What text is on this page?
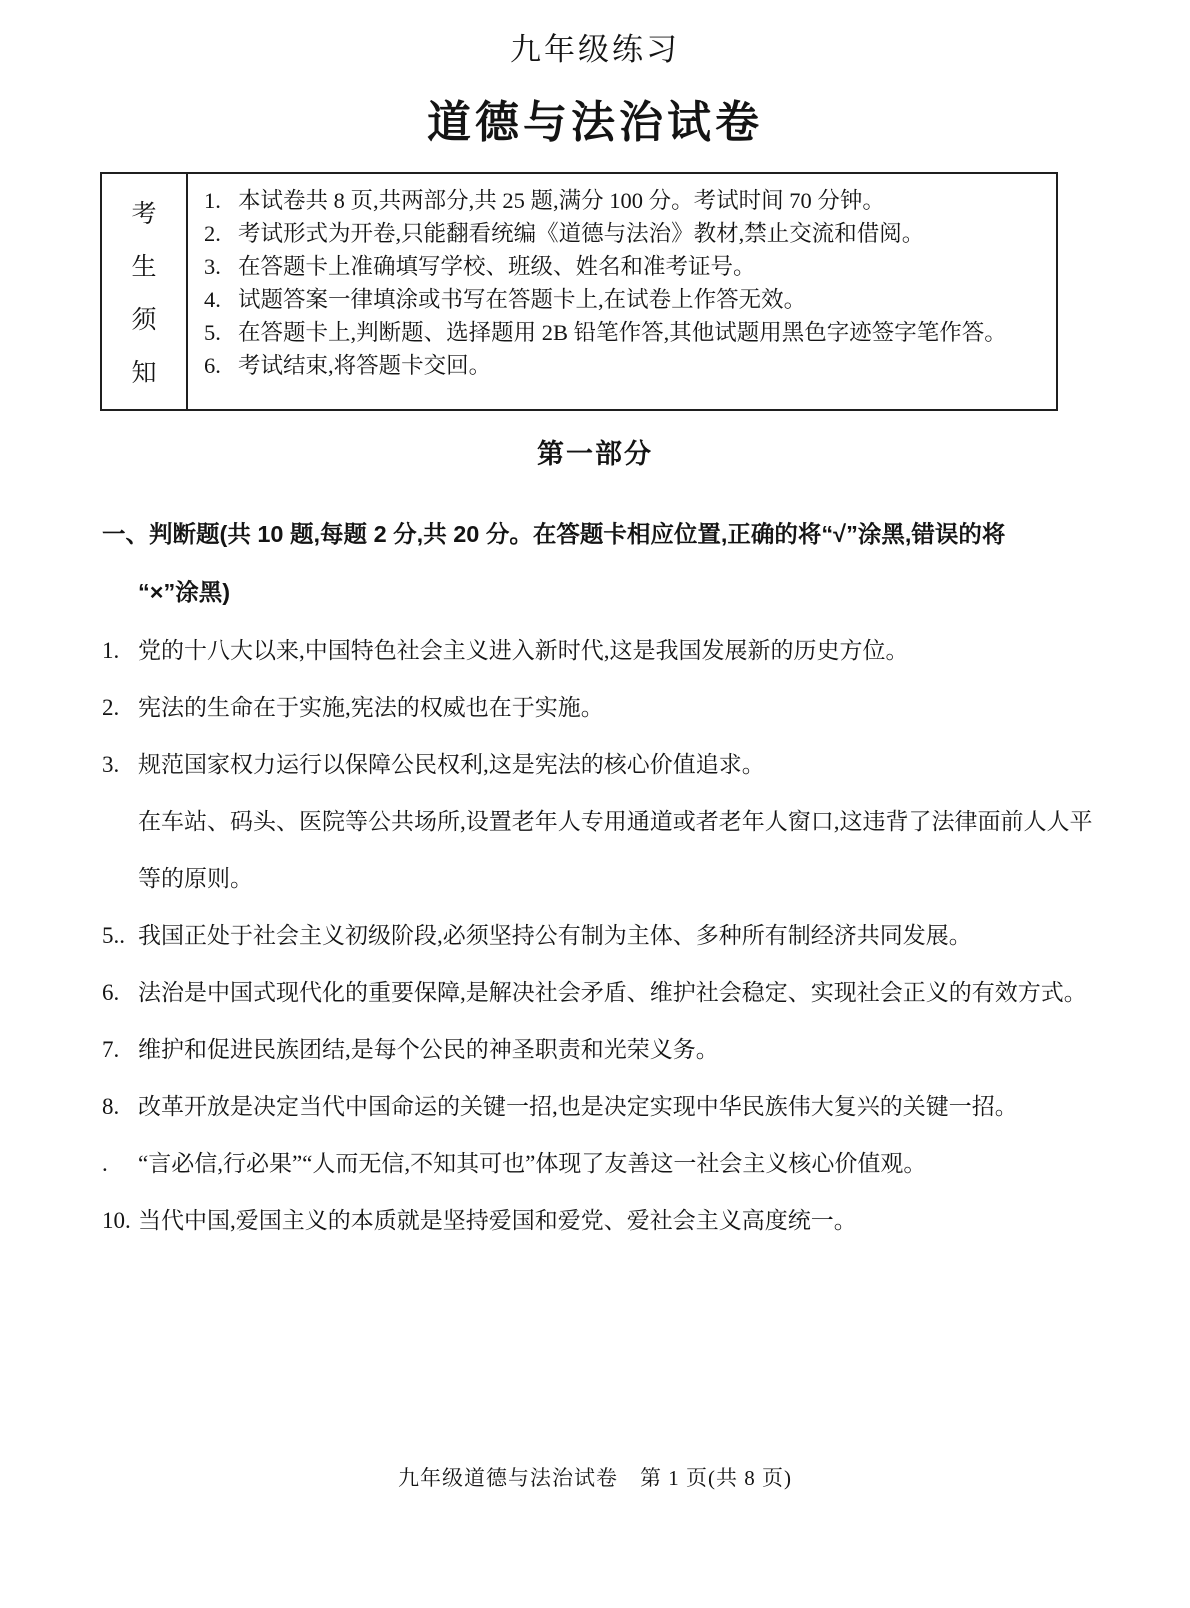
九年级练习
道德与法治试卷
考
生
须
知
1. 本试卷共 8 页,共两部分,共 25 题,满分 100 分。考试时间 70 分钟。
2. 考试形式为开卷,只能翻看统编《道德与法治》教材,禁止交流和借阅。
3. 在答题卡上准确填写学校、班级、姓名和准考证号。
4. 试题答案一律填涂或书写在答题卡上,在试卷上作答无效。
5. 在答题卡上,判断题、选择题用 2B 铅笔作答,其他试题用黑色字迹签字笔作答。
6. 考试结束,将答题卡交回。
第一部分
一、判断题(共 10 题,每题 2 分,共 20 分。在答题卡相应位置,正确的将“√”涂黑,错误的将
“×”涂黑)
1. 党的十八大以来,中国特色社会主义进入新时代,这是我国发展新的历史方位。
2. 宪法的生命在于实施,宪法的权威也在于实施。
3. 规范国家权力运行以保障公民权利,这是宪法的核心价值追求。
在车站、码头、医院等公共场所,设置老年人专用通道或者老年人窗口,这违背了法律面前人人平等的原则。
5.. 我国正处于社会主义初级阶段,必须坚持公有制为主体、多种所有制经济共同发展。
6. 法治是中国式现代化的重要保障,是解决社会矛盾、维护社会稳定、实现社会正义的有效方式。
7. 维护和促进民族团结,是每个公民的神圣职责和光荣义务。
8. 改革开放是决定当代中国命运的关键一招,也是决定实现中华民族伟大复兴的关键一招。
.	“言必信,行必果”“人而无信,不知其可也”体现了友善这一社会主义核心价值观。
10. 当代中国,爱国主义的本质就是坚持爱国和爱党、爱社会主义高度统一。
九年级道德与法治试卷　第 1 页(共 8 页)
